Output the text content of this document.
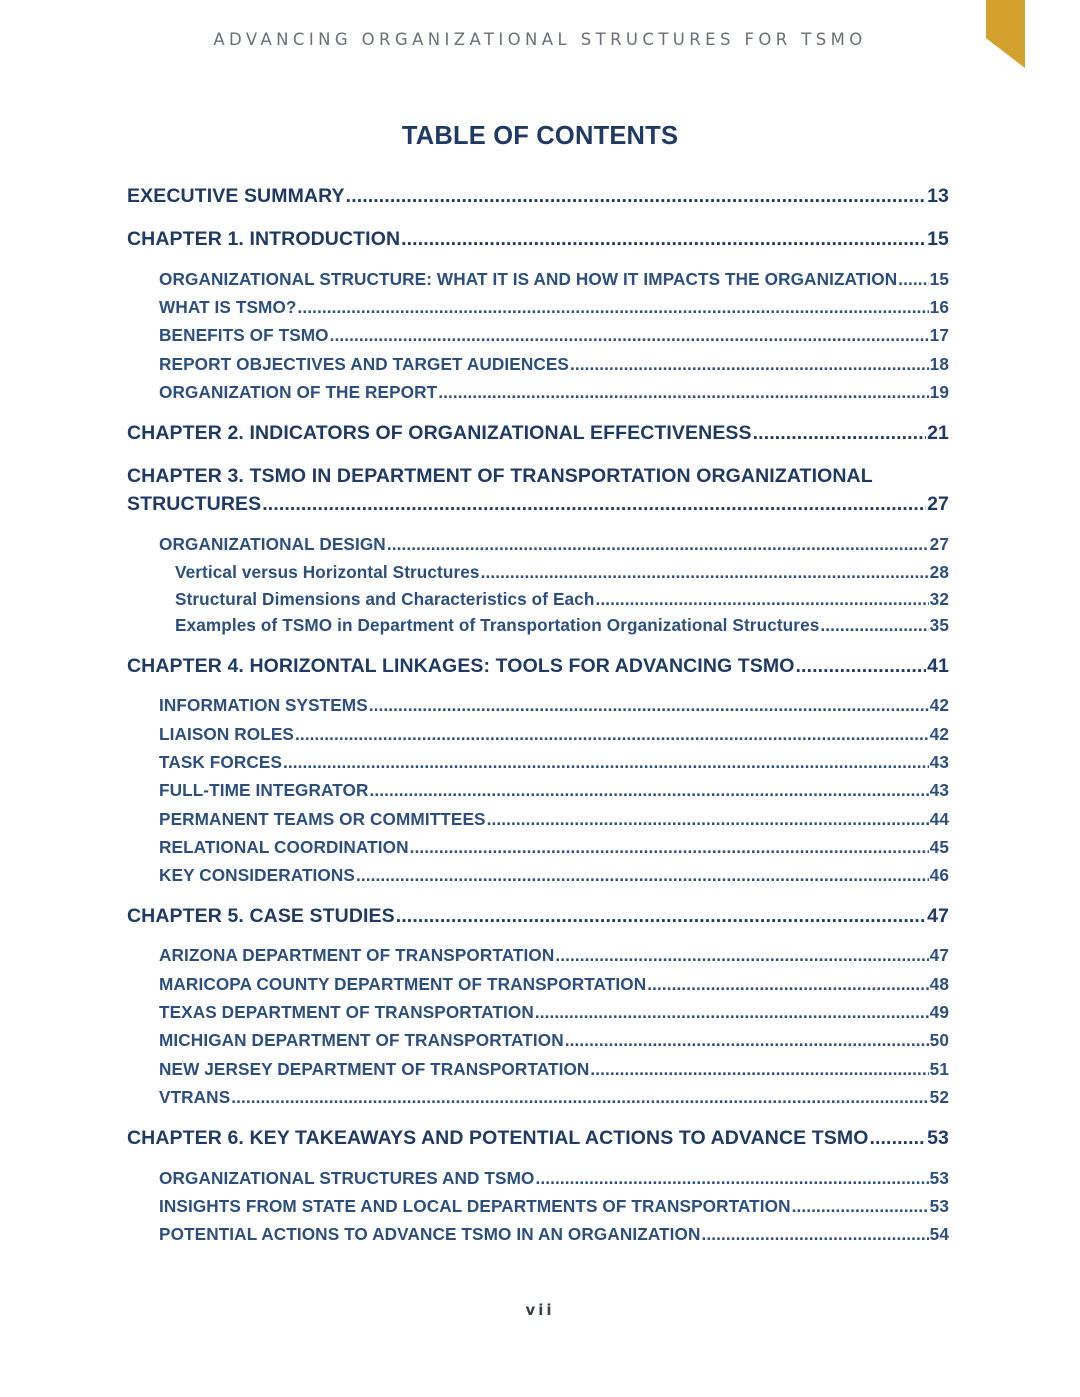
ADVANCING ORGANIZATIONAL STRUCTURES FOR TSMO
TABLE OF CONTENTS
EXECUTIVE SUMMARY .....	13
CHAPTER 1. INTRODUCTION .....	15
ORGANIZATIONAL STRUCTURE: WHAT IT IS AND HOW IT IMPACTS THE ORGANIZATION ..... 15
WHAT IS TSMO? .....	16
BENEFITS OF TSMO .....	17
REPORT OBJECTIVES AND TARGET AUDIENCES .....	18
ORGANIZATION OF THE REPORT .....	19
CHAPTER 2. INDICATORS OF ORGANIZATIONAL EFFECTIVENESS .....	21
CHAPTER 3. TSMO IN DEPARTMENT OF TRANSPORTATION ORGANIZATIONAL
STRUCTURES .....	27
ORGANIZATIONAL DESIGN .....	27
Vertical versus Horizontal Structures .....	28
Structural Dimensions and Characteristics of Each .....	32
Examples of TSMO in Department of Transportation Organizational Structures .....	35
CHAPTER 4. HORIZONTAL LINKAGES: TOOLS FOR ADVANCING TSMO .....	41
INFORMATION SYSTEMS .....	42
LIAISON ROLES .....	42
TASK FORCES .....	43
FULL-TIME INTEGRATOR .....	43
PERMANENT TEAMS OR COMMITTEES .....	44
RELATIONAL COORDINATION .....	45
KEY CONSIDERATIONS .....	46
CHAPTER 5. CASE STUDIES .....	47
ARIZONA DEPARTMENT OF TRANSPORTATION .....	47
MARICOPA COUNTY DEPARTMENT OF TRANSPORTATION .....	48
TEXAS DEPARTMENT OF TRANSPORTATION .....	49
MICHIGAN DEPARTMENT OF TRANSPORTATION .....	50
NEW JERSEY DEPARTMENT OF TRANSPORTATION .....	51
VTRANS .....	52
CHAPTER 6. KEY TAKEAWAYS AND POTENTIAL ACTIONS TO ADVANCE TSMO .....	53
ORGANIZATIONAL STRUCTURES AND TSMO .....	53
INSIGHTS FROM STATE AND LOCAL DEPARTMENTS OF TRANSPORTATION .....	53
POTENTIAL ACTIONS TO ADVANCE TSMO IN AN ORGANIZATION .....	54
vii
